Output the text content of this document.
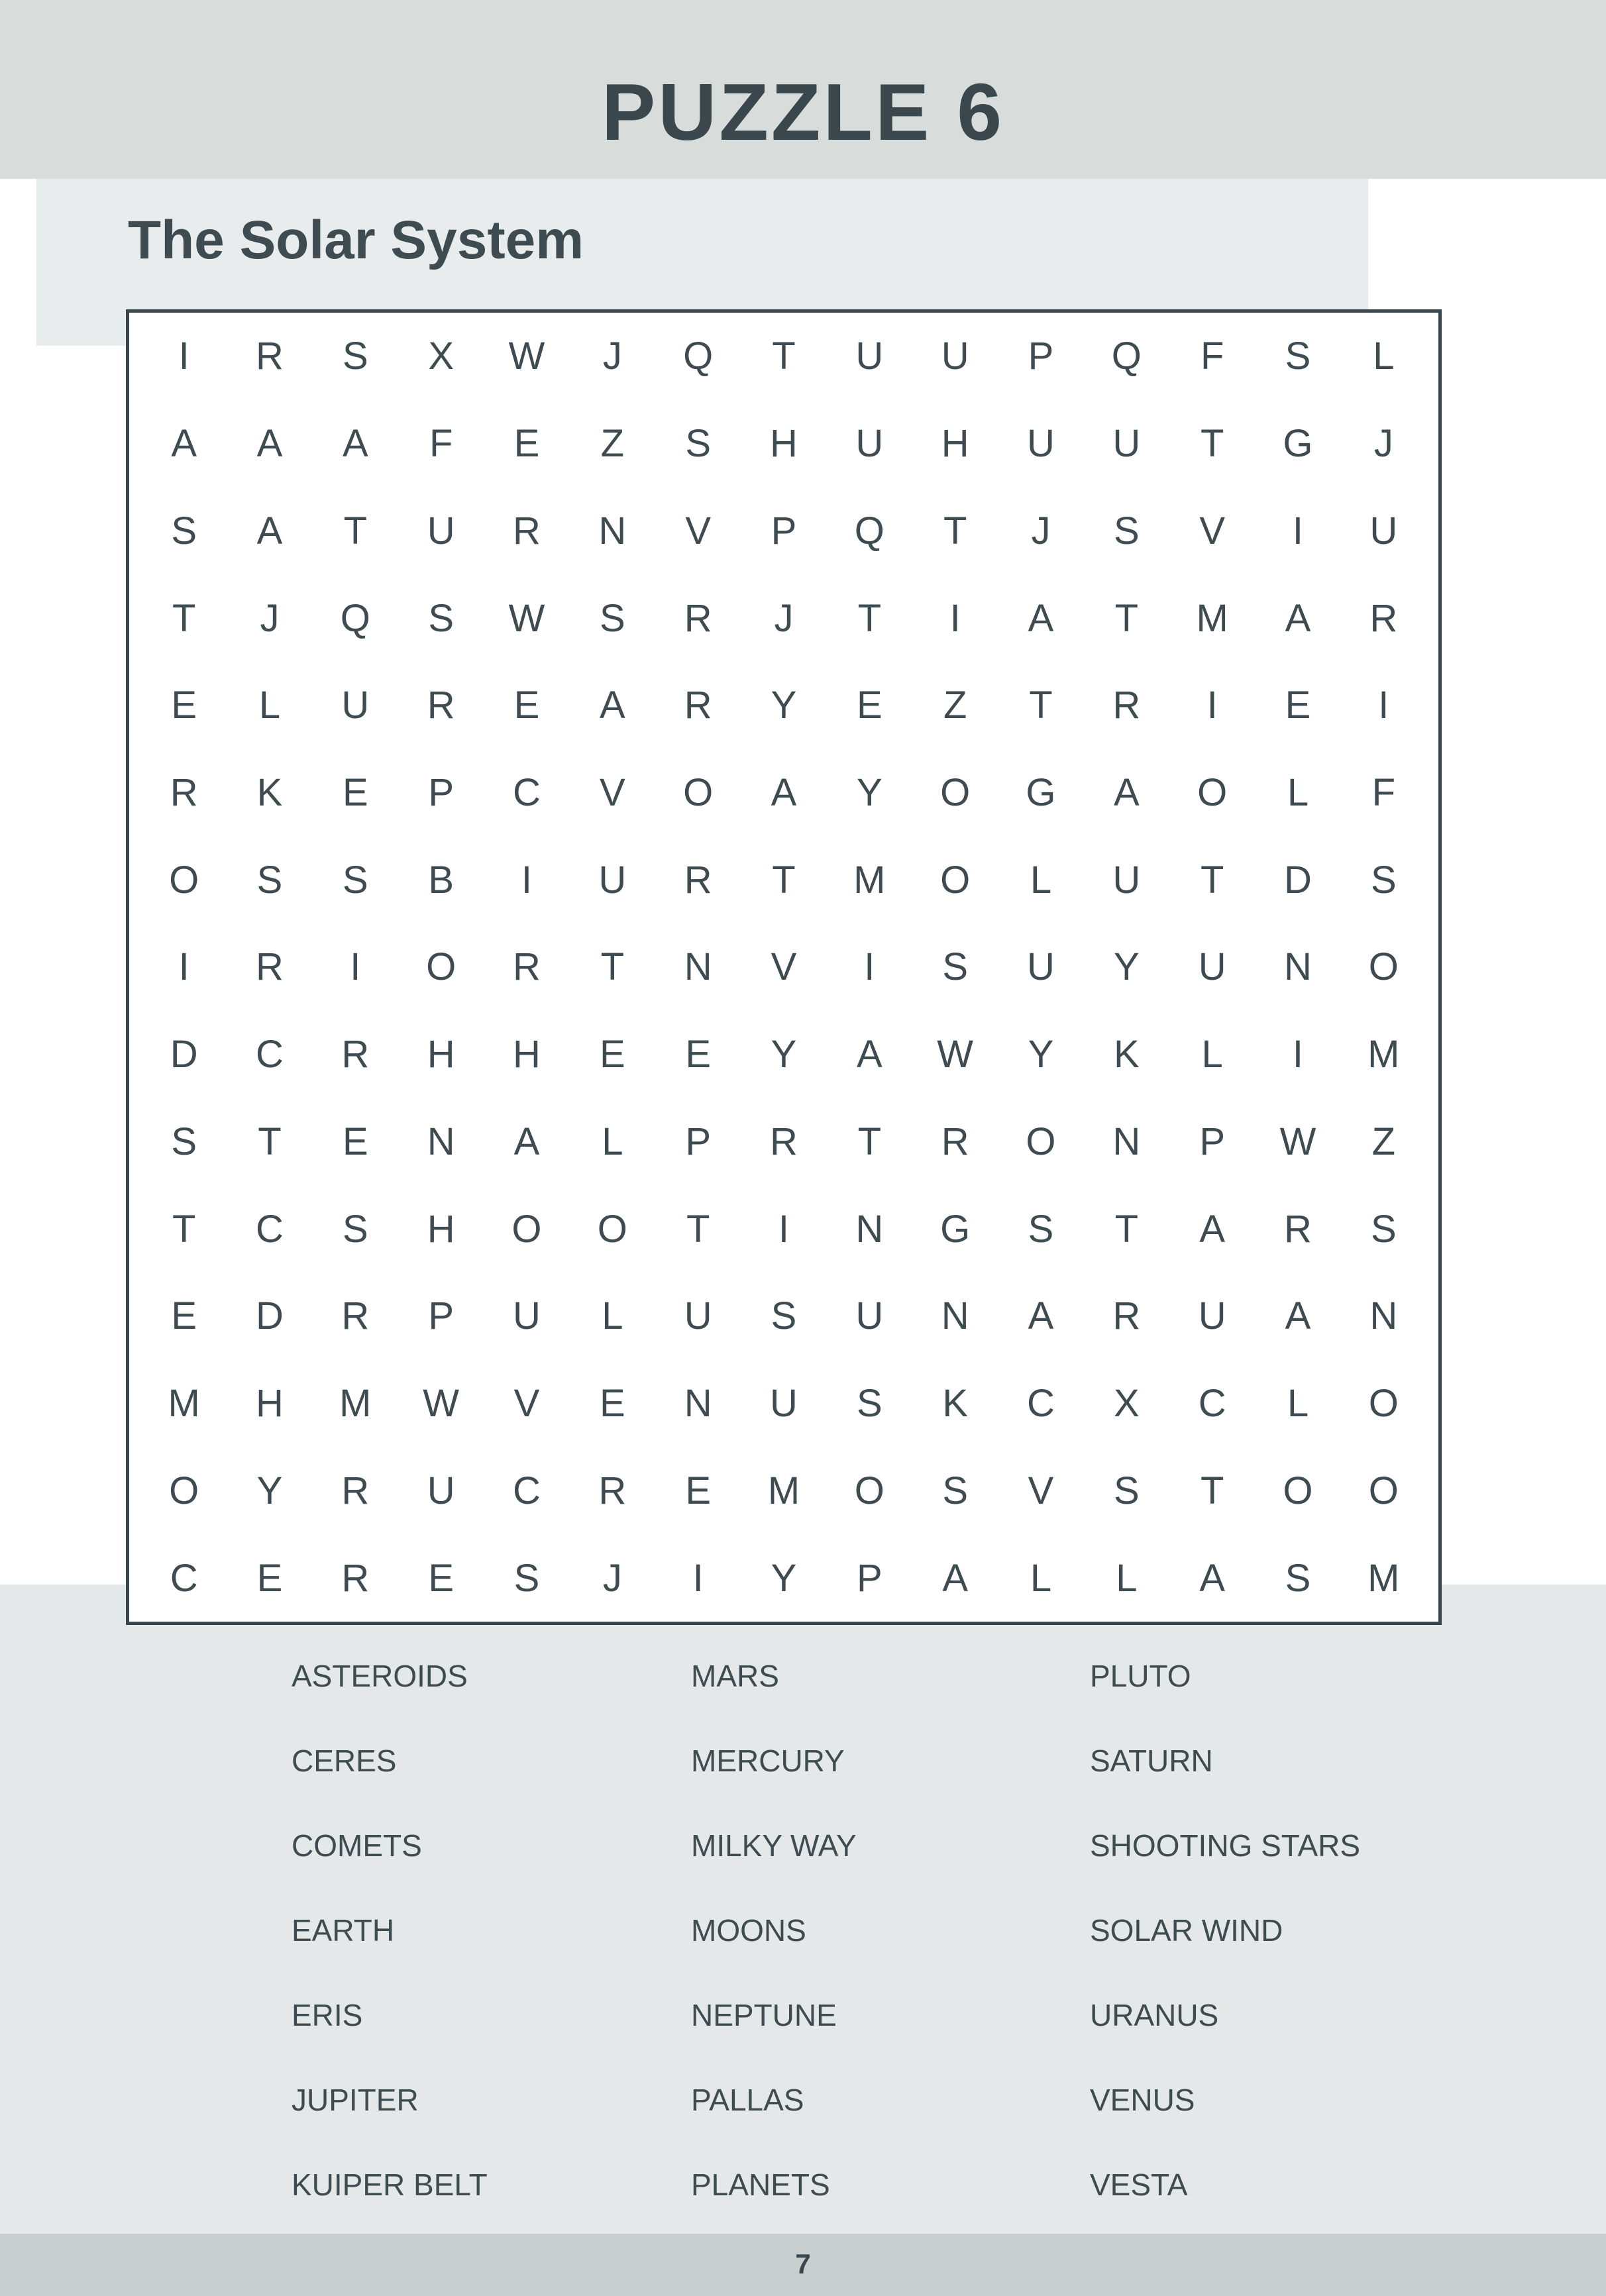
PUZZLE 6
The Solar System
I	R	S	X	W	J	Q	T	U	U	P	Q	F	S	L
A	A	A	F	E	Z	S	H	U	H	U	U	T	G	J
S	A	T	U	R	N	V	P	Q	T	J	S	V	I	U
T	J	Q	S	W	S	R	J	T	I	A	T	M	A	R
E	L	U	R	E	A	R	Y	E	Z	T	R	I	E	I
R	K	E	P	C	V	O	A	Y	O	G	A	O	L	F
O	S	S	B	I	U	R	T	M	O	L	U	T	D	S
I	R	I	O	R	T	N	V	I	S	U	Y	U	N	O
D	C	R	H	H	E	E	Y	A	W	Y	K	L	I	M
S	T	E	N	A	L	P	R	T	R	O	N	P	W	Z
T	C	S	H	O	O	T	I	N	G	S	T	A	R	S
E	D	R	P	U	L	U	S	U	N	A	R	U	A	N
M	H	M	W	V	E	N	U	S	K	C	X	C	L	O
O	Y	R	U	C	R	E	M	O	S	V	S	T	O	O
C	E	R	E	S	J	I	Y	P	A	L	L	A	S	M
ASTEROIDS	MARS	PLUTO
CERES	MERCURY	SATURN
COMETS	MILKY WAY	SHOOTING STARS
EARTH	MOONS	SOLAR WIND
ERIS	NEPTUNE	URANUS
JUPITER	PALLAS	VENUS
KUIPER BELT	PLANETS	VESTA
7
